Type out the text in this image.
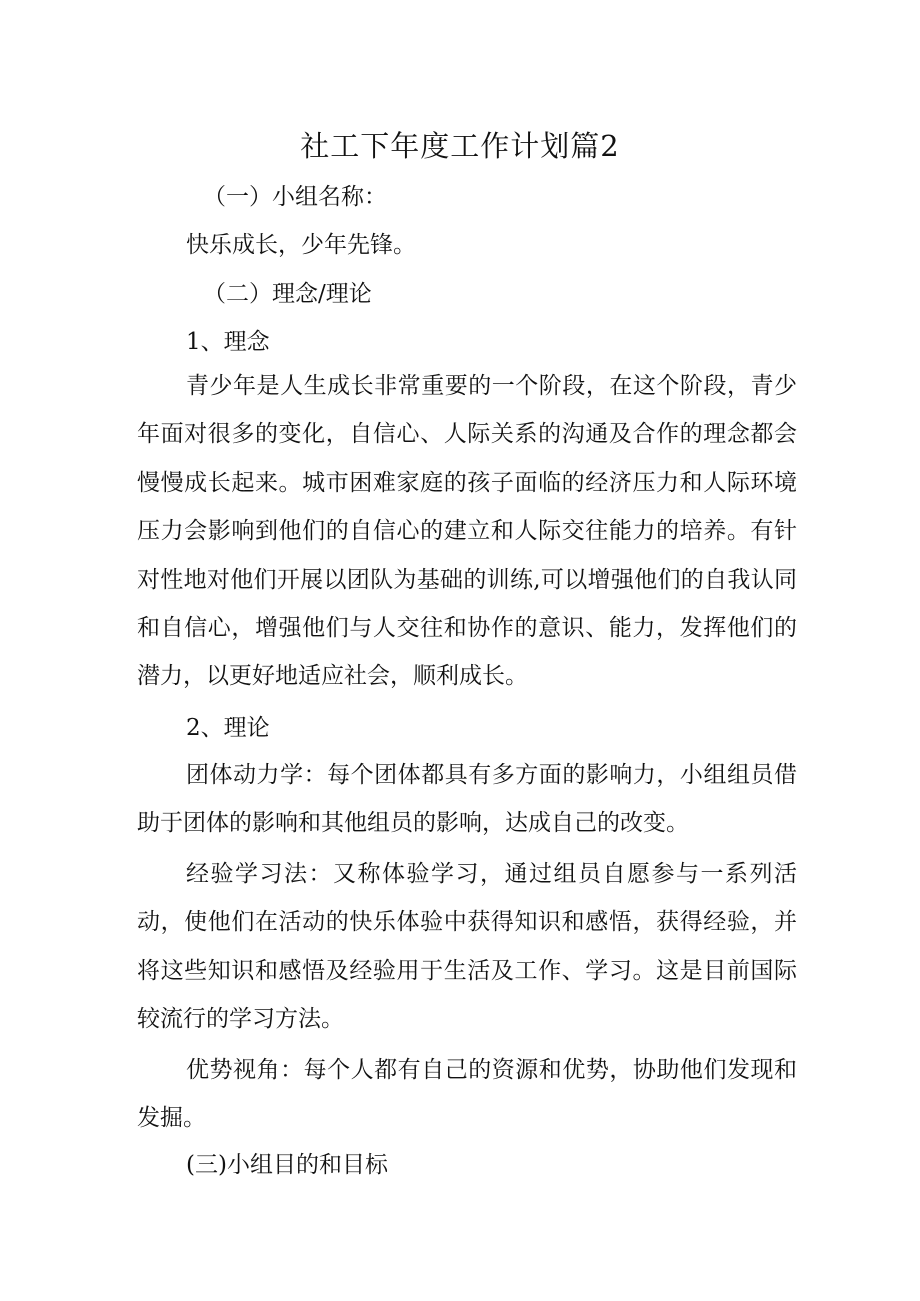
社工下年度工作计划篇2
（一）小组名称：
快乐成长，少年先锋。
（二）理念/理论
1、理念
青少年是人生成长非常重要的一个阶段，在这个阶段，青少年面对很多的变化，自信心、人际关系的沟通及合作的理念都会慢慢成长起来。城市困难家庭的孩子面临的经济压力和人际环境压力会影响到他们的自信心的建立和人际交往能力的培养。有针对性地对他们开展以团队为基础的训练,可以增强他们的自我认同和自信心，增强他们与人交往和协作的意识、能力，发挥他们的潜力，以更好地适应社会，顺利成长。
2、理论
团体动力学：每个团体都具有多方面的影响力，小组组员借助于团体的影响和其他组员的影响，达成自己的改变。
经验学习法：又称体验学习，通过组员自愿参与一系列活动，使他们在活动的快乐体验中获得知识和感悟，获得经验，并将这些知识和感悟及经验用于生活及工作、学习。这是目前国际较流行的学习方法。
优势视角：每个人都有自己的资源和优势，协助他们发现和发掘。
(三)小组目的和目标
